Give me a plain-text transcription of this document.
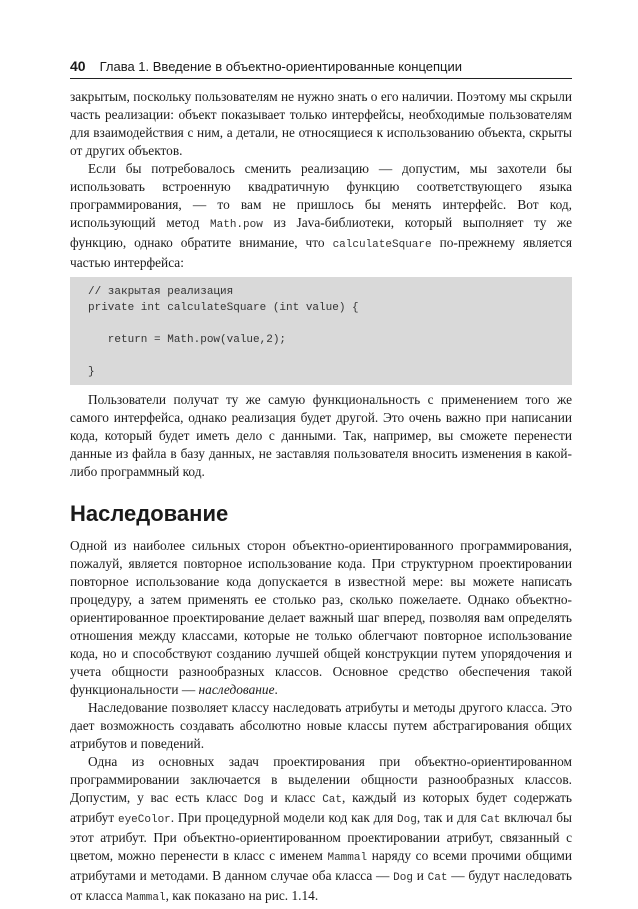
40 Глава 1. Введение в объектно-ориентированные концепции

закрытым, поскольку пользователям не нужно знать о его наличии. Поэтому мы скрыли часть реализации: объект показывает только интерфейсы, необходимые пользователям для взаимодействия с ним, а детали, не относящиеся к использованию объекта, скрыты от других объектов.

Если бы потребовалось сменить реализацию — допустим, мы захотели бы использовать встроенную квадратичную функцию соответствующего языка программирования, — то вам не пришлось бы менять интерфейс. Вот код, использующий метод Math.pow из Java-библиотеки, который выполняет ту же функцию, однако обратите внимание, что calculateSquare по-прежнему является частью интерфейса:

// закрытая реализация
private int calculateSquare (int value) {
return = Math.pow(value,2);
}

Пользователи получат ту же самую функциональность с применением того же самого интерфейса, однако реализация будет другой. Это очень важно при написании кода, который будет иметь дело с данными. Так, например, вы сможете перенести данные из файла в базу данных, не заставляя пользователя вносить изменения в какой-либо программный код.

Наследование

Одной из наиболее сильных сторон объектно-ориентированного программирования, пожалуй, является повторное использование кода. При структурном проектировании повторное использование кода допускается в известной мере: вы можете написать процедуру, а затем применять ее столько раз, сколько пожелаете. Однако объектно-ориентированное проектирование делает важный шаг вперед, позволяя вам определять отношения между классами, которые не только облегчают повторное использование кода, но и способствуют созданию лучшей общей конструкции путем упорядочения и учета общности разнообразных классов. Основное средство обеспечения такой функциональности — наследование.

Наследование позволяет классу наследовать атрибуты и методы другого класса. Это дает возможность создавать абсолютно новые классы путем абстрагирования общих атрибутов и поведений.

Одна из основных задач проектирования при объектно-ориентированном программировании заключается в выделении общности разнообразных классов. Допустим, у вас есть класс Dog и класс Cat, каждый из которых будет содержать атрибут eyeColor. При процедурной модели код как для Dog, так и для Cat включал бы этот атрибут. При объектно-ориентированном проектировании атрибут, связанный с цветом, можно перенести в класс с именем Mammal наряду со всеми прочими общими атрибутами и методами. В данном случае оба класса — Dog и Cat — будут наследовать от класса Mammal, как показано на рис. 1.14.
